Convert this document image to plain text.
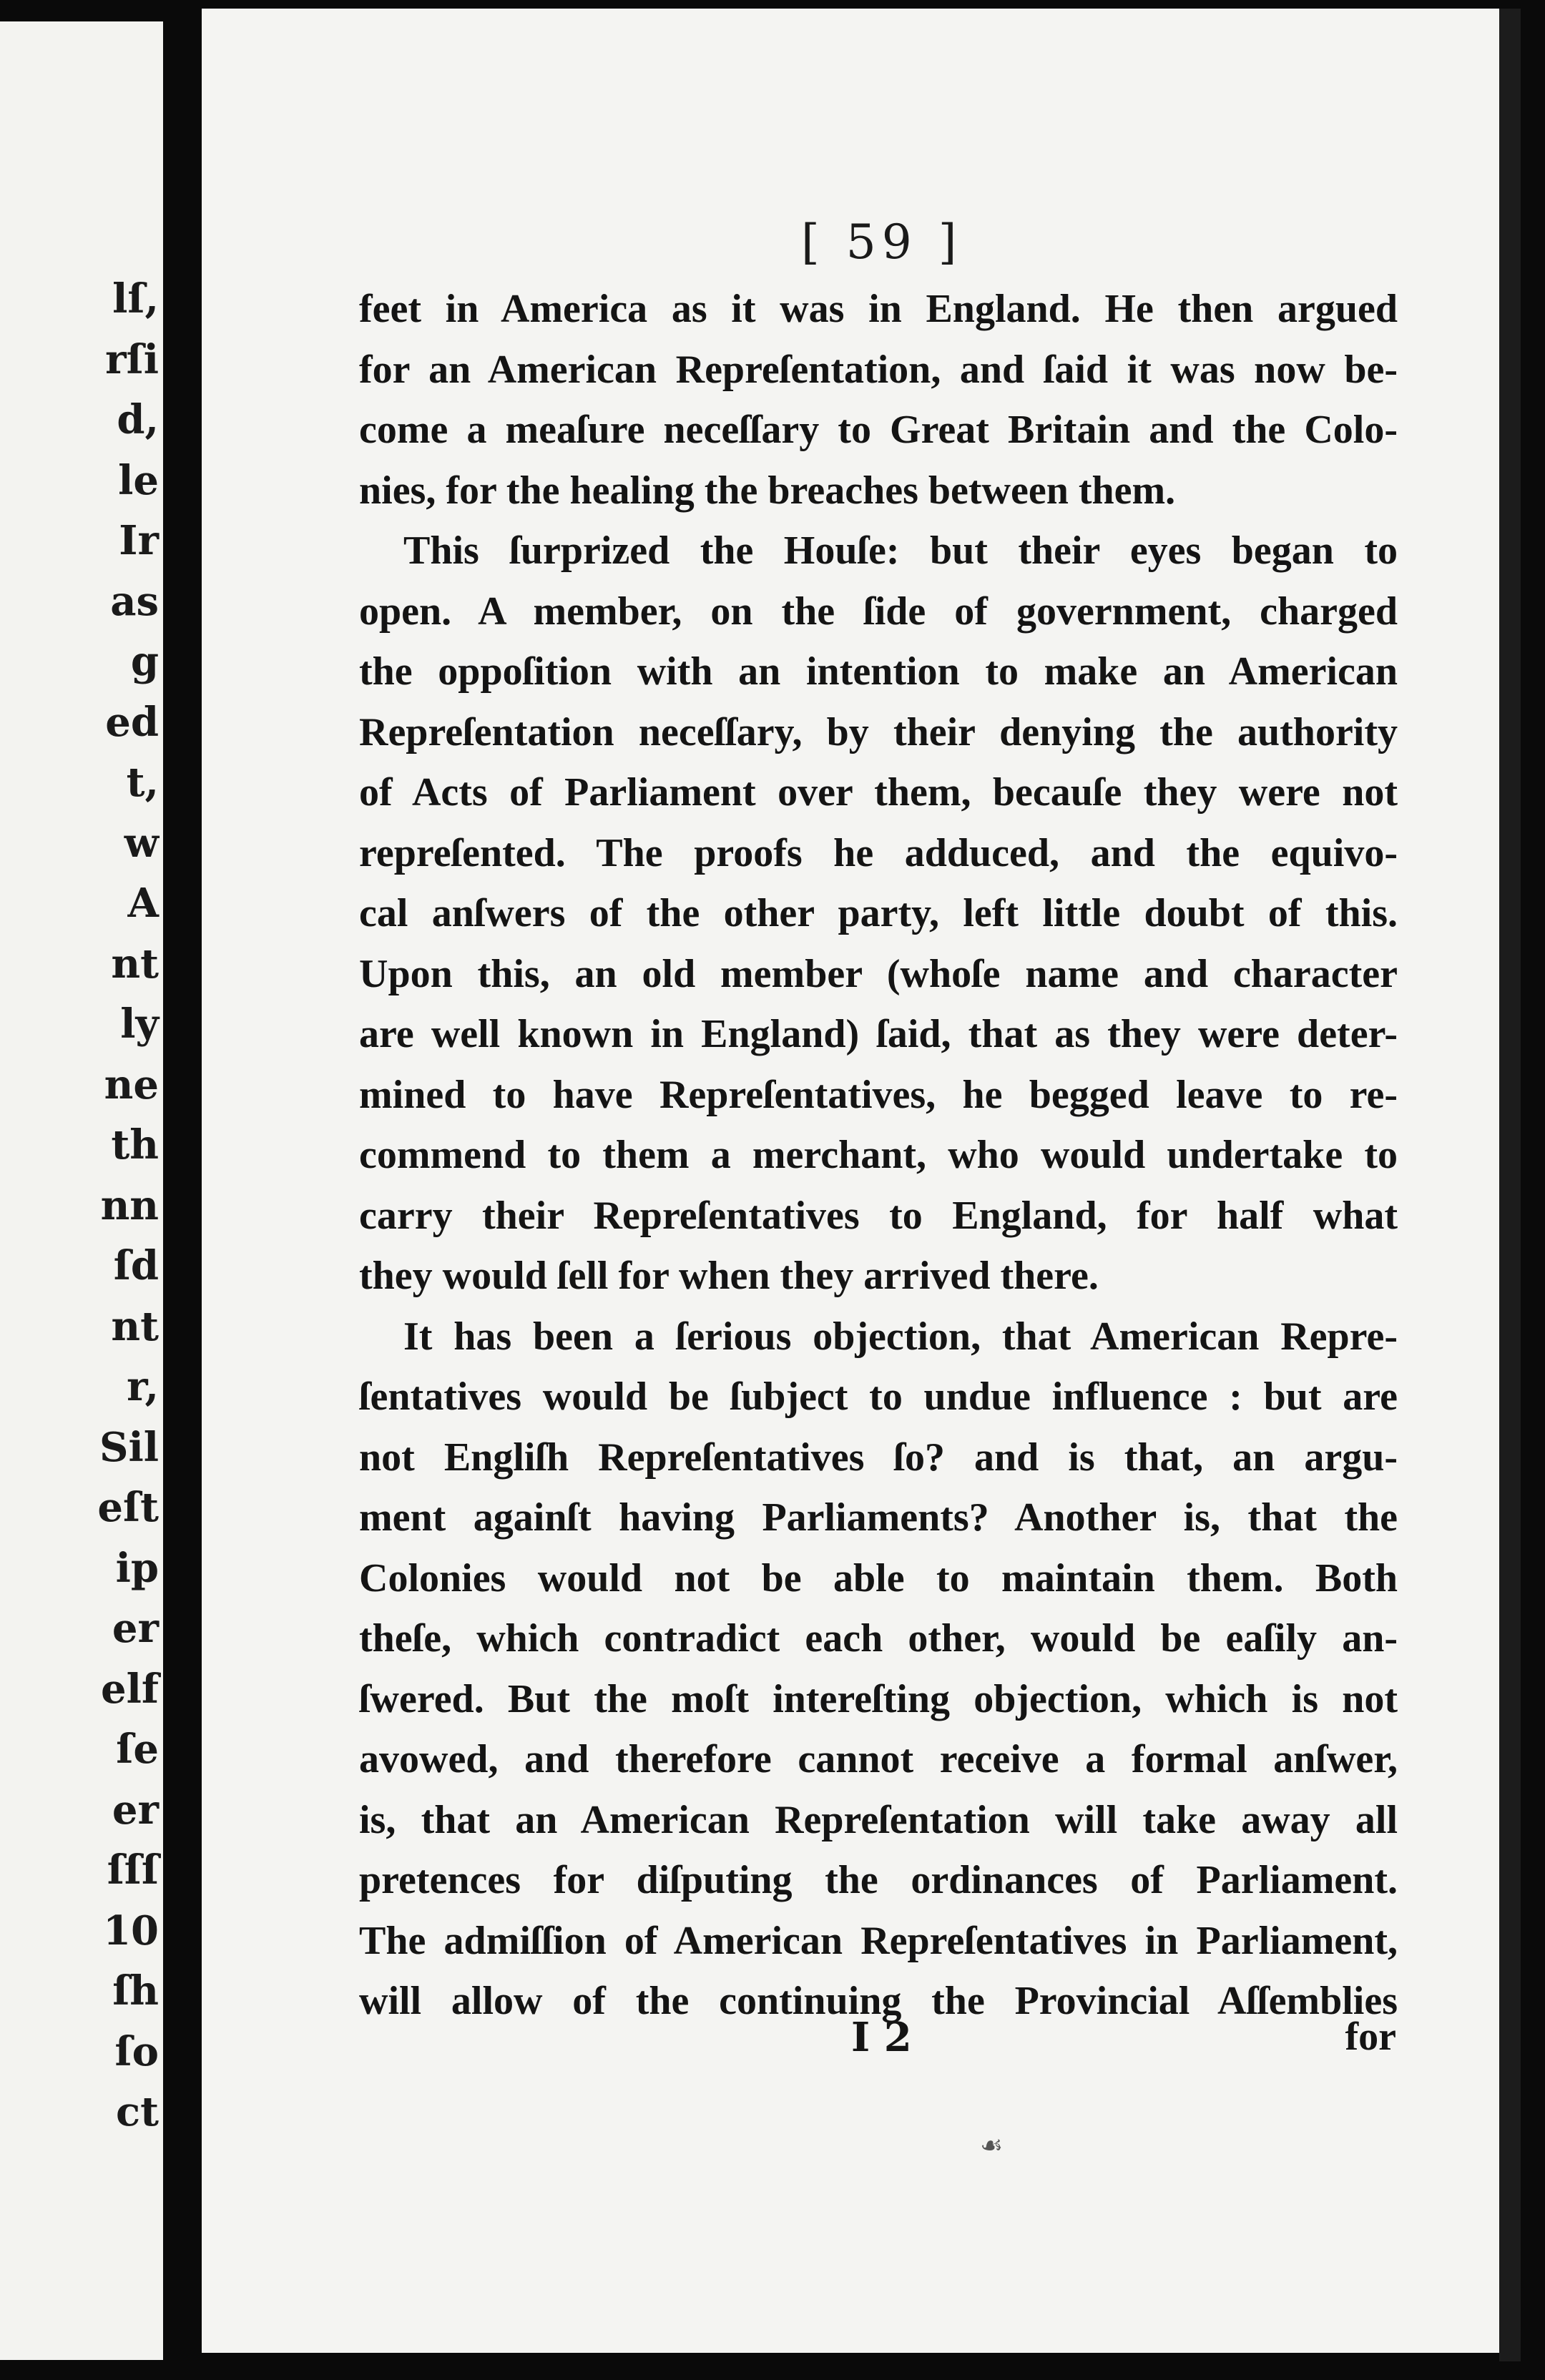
lſ,
rſi
d,
le
Ir
as
g
ed
t,
w
A
nt
ly
ne
th
nn
ſd
nt
r,
Sil
eſt
ip
er
elf
ſe
er
ſſſ
10
ſh
ſo
ct
[ 59 ]
feet in America as it was in England. He then argued
for an American Repreſentation, and ſaid it was now be-
come a meaſure neceſſary to Great Britain and the Colo-
nies, for the healing the breaches between them.
This ſurprized the Houſe: but their eyes began to
open. A member, on the ſide of government, charged
the oppoſition with an intention to make an American
Repreſentation neceſſary, by their denying the authority
of Acts of Parliament over them, becauſe they were not
repreſented. The proofs he adduced, and the equivo-
cal anſwers of the other party, left little doubt of this.
Upon this, an old member (whoſe name and character
are well known in England) ſaid, that as they were deter-
mined to have Repreſentatives, he begged leave to re-
commend to them a merchant, who would undertake to
carry their Repreſentatives to England, for half what
they would ſell for when they arrived there.
It has been a ſerious objection, that American Repre-
ſentatives would be ſubject to undue influence : but are
not Engliſh Repreſentatives ſo? and is that, an argu-
ment againſt having Parliaments? Another is, that the
Colonies would not be able to maintain them. Both
theſe, which contradict each other, would be eaſily an-
ſwered. But the moſt intereſting objection, which is not
avowed, and therefore cannot receive a formal anſwer,
is, that an American Repreſentation will take away all
pretences for diſputing the ordinances of Parliament.
The admiſſion of American Repreſentatives in Parliament,
will allow of the continuing the Provincial Aſſemblies
I 2	for
☙
